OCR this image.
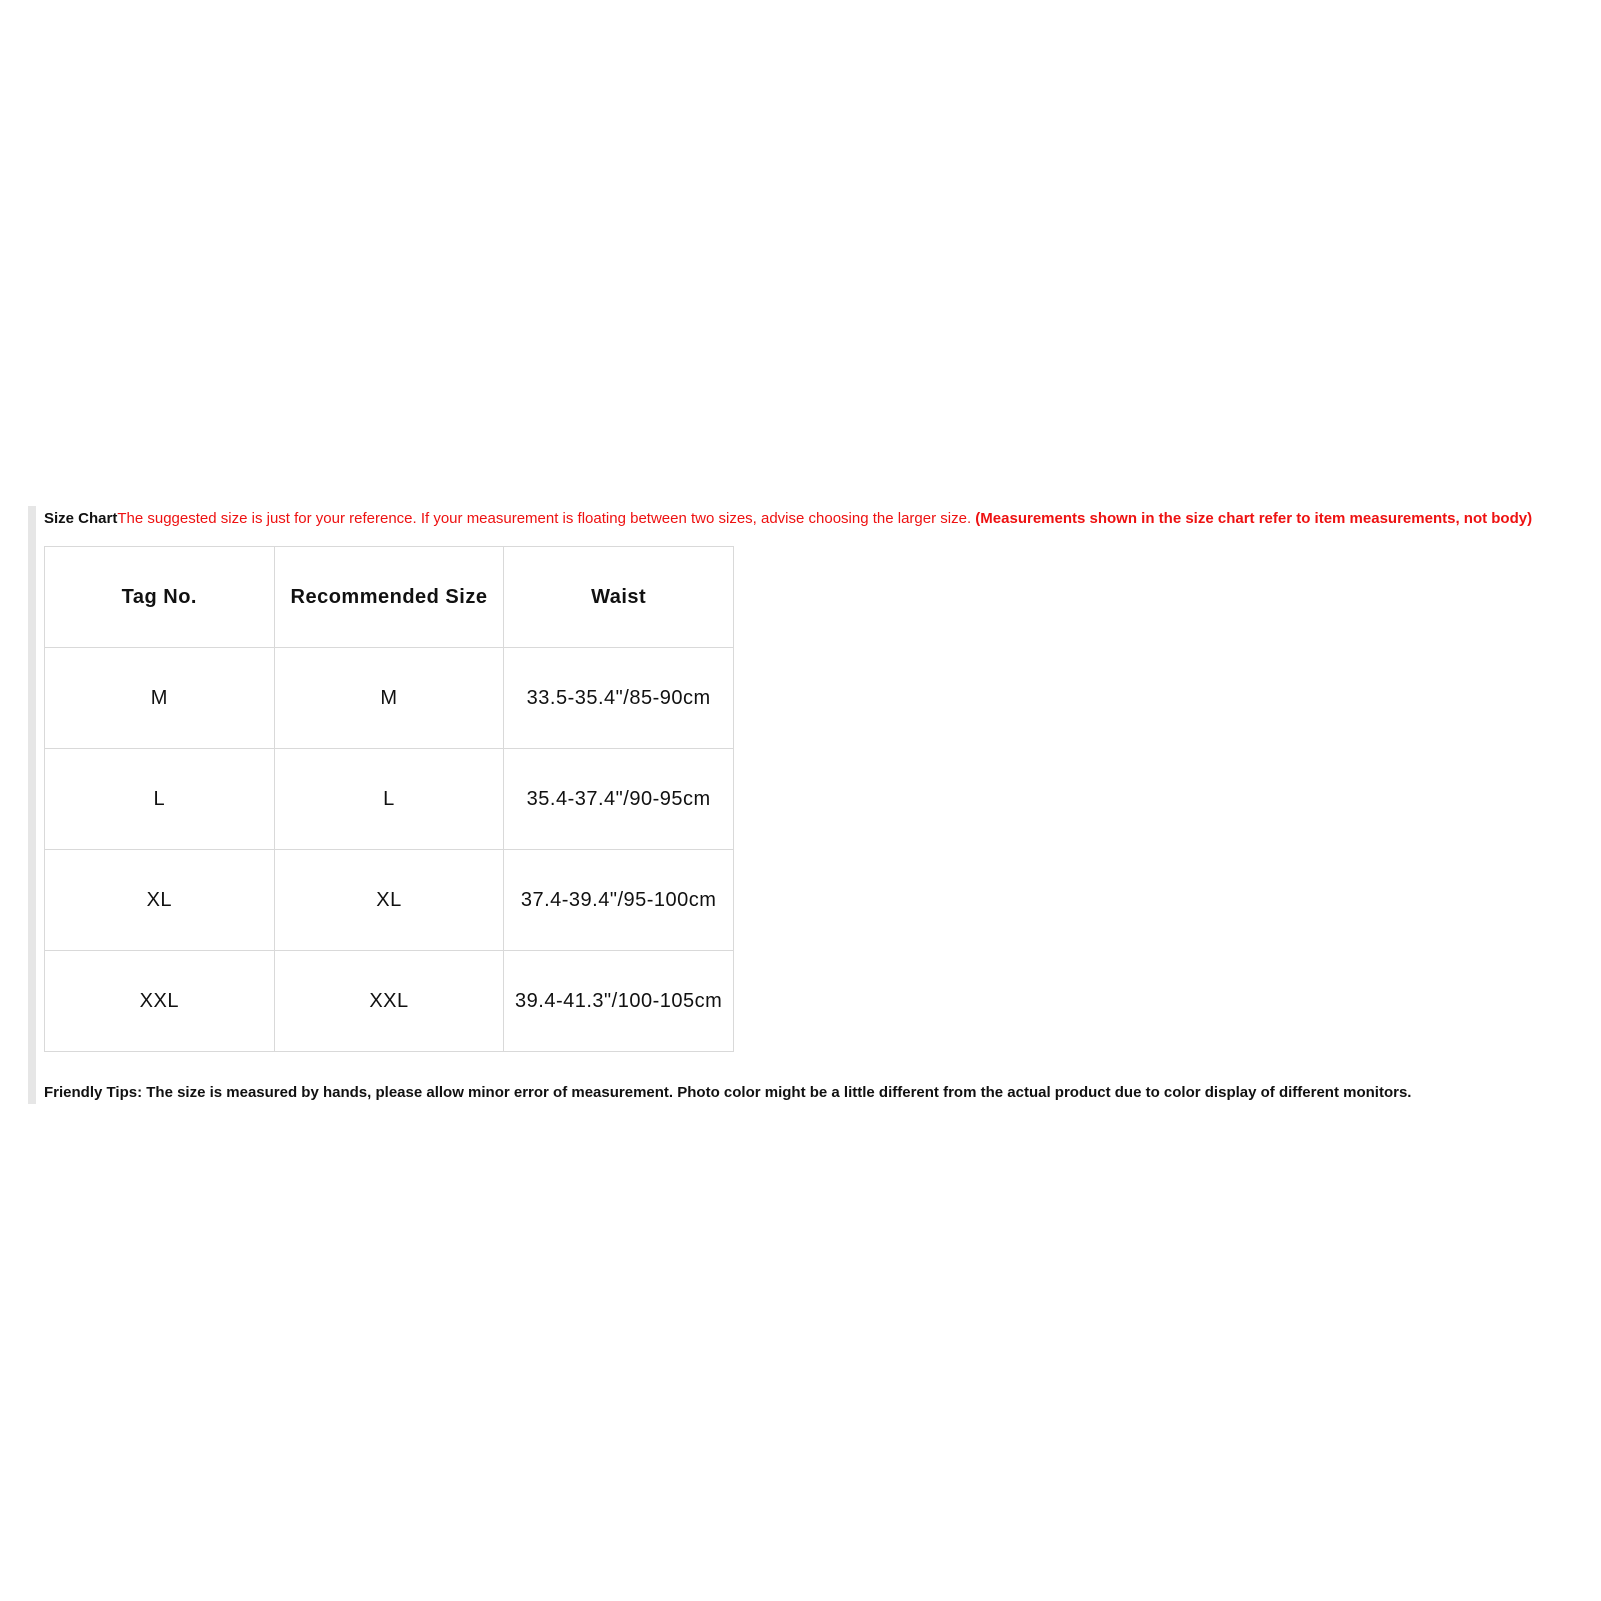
Size ChartThe suggested size is just for your reference. If your measurement is floating between two sizes, advise choosing the larger size. (Measurements shown in the size chart refer to item measurements, not body)
Tag No.	Recommended Size	Waist
M	M	33.5-35.4"/85-90cm
L	L	35.4-37.4"/90-95cm
XL	XL	37.4-39.4"/95-100cm
XXL	XXL	39.4-41.3"/100-105cm
Friendly Tips: The size is measured by hands, please allow minor error of measurement. Photo color might be a little different from the actual product due to color display of different monitors.
